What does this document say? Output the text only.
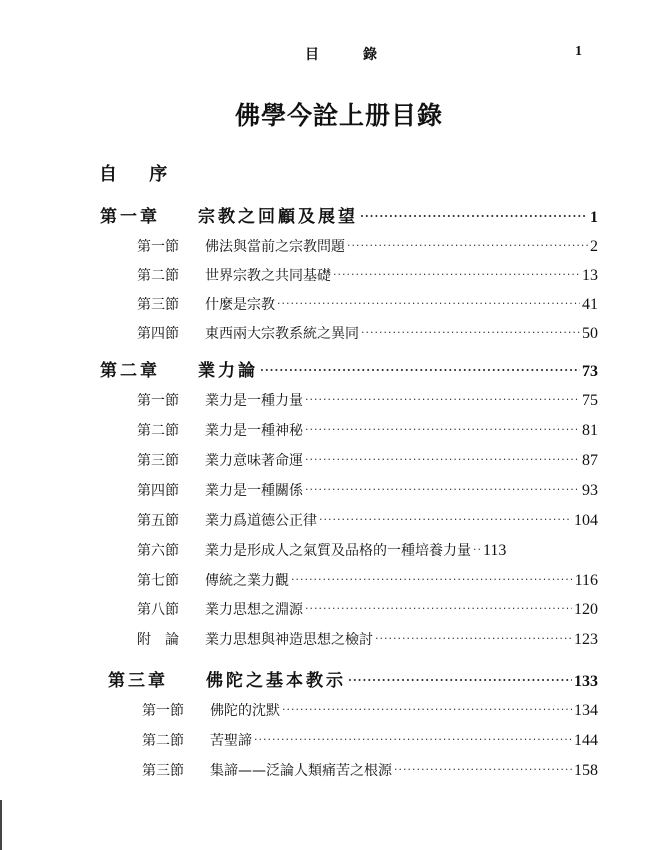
目	錄	1
佛學今詮上册目錄
自 序
第一章	宗教之回顧及展望 ·····	1
第一節	佛法與當前之宗教問題 ·····	2
第二節	世界宗教之共同基礎 ·····	13
第三節	什麼是宗教 ·····	41
第四節	東西兩大宗教系統之異同 ·····	50
第二章	業力論 ·····	73
第一節	業力是一種力量 ·····	75
第二節	業力是一種神秘 ·····	81
第三節	業力意味著命運 ·····	87
第四節	業力是一種關係 ·····	93
第五節	業力爲道德公正律 ·····	104
第六節	業力是形成人之氣質及品格的一種培養力量 ····· 113
第七節	傳統之業力觀 ·····	116
第八節	業力思想之淵源 ·····	120
附　論	業力思想與神造思想之檢討 ·····	123
第三章	佛陀之基本教示 ·····	133
第一節	佛陀的沈默 ·····	134
第二節	苦聖諦 ·····	144
第三節	集諦——泛論人類痛苦之根源 ·····	158
